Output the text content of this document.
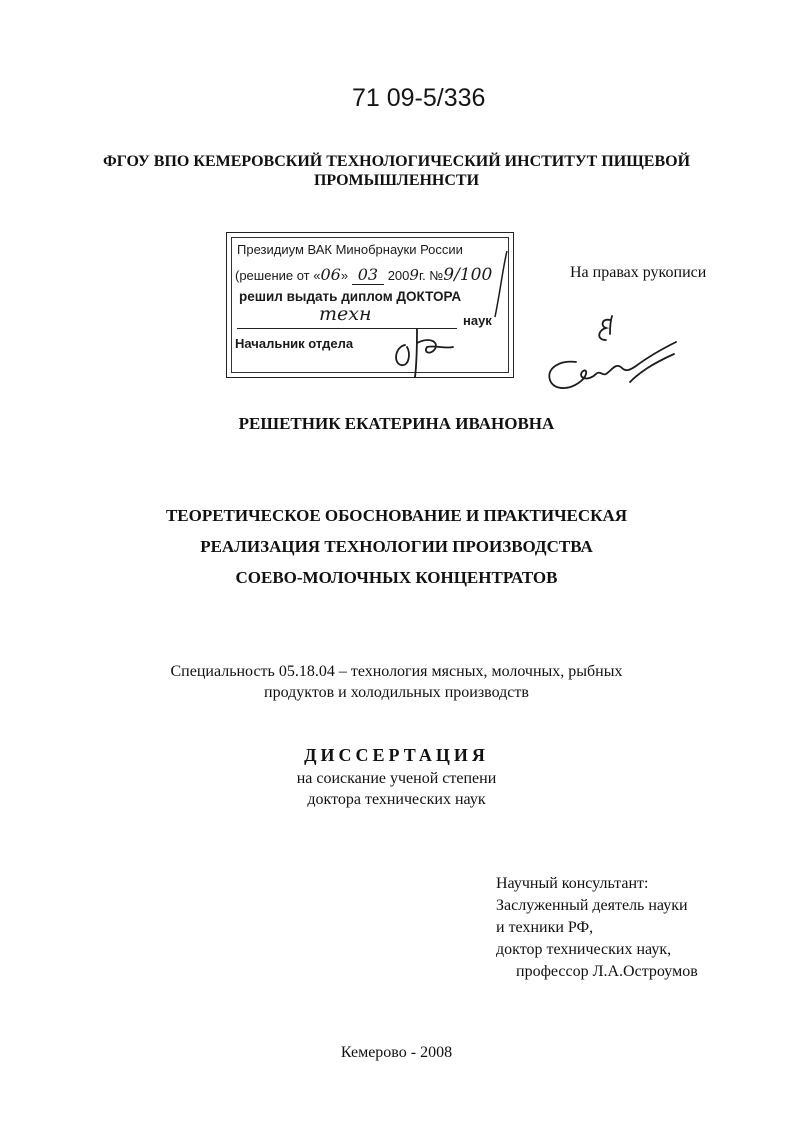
71 09-5/336
ФГОУ ВПО КЕМЕРОВСКИЙ ТЕХНОЛОГИЧЕСКИЙ ИНСТИТУТ ПИЩЕВОЙ
ПРОМЫШЛЕННСТИ
Президиум ВАК Минобрнауки России
(решение от «06» 03 2009г. №9/100
решил выдать диплом ДОКТОРА
техн	наук
Начальник отдела
На правах рукописи
РЕШЕТНИК ЕКАТЕРИНА ИВАНОВНА
ТЕОРЕТИЧЕСКОЕ ОБОСНОВАНИЕ И ПРАКТИЧЕСКАЯ
РЕАЛИЗАЦИЯ ТЕХНОЛОГИИ ПРОИЗВОДСТВА
СОЕВО-МОЛОЧНЫХ КОНЦЕНТРАТОВ
Специальность 05.18.04 – технология мясных, молочных, рыбных
продуктов и холодильных производств
ДИССЕРТАЦИЯ
на соискание ученой степени
доктора технических наук
Научный консультант:
Заслуженный деятель науки
и техники РФ,
доктор технических наук,
профессор Л.А.Остроумов
Кемерово - 2008
